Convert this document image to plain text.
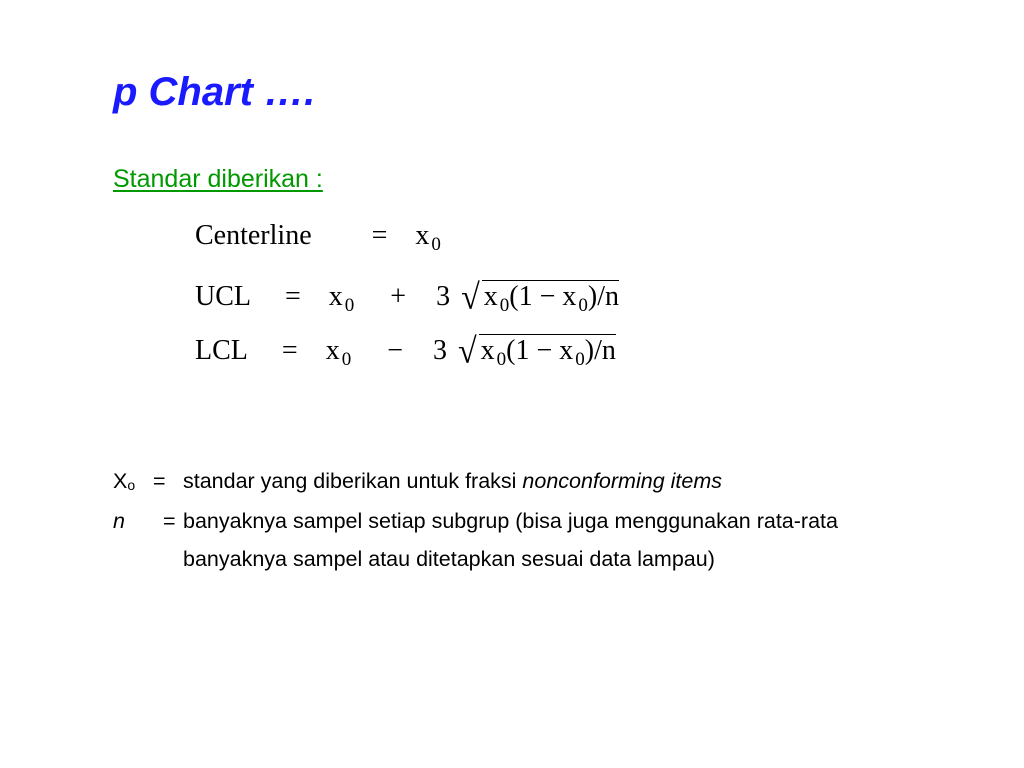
p Chart ….
Standar diberikan :
Centerline = x 0
UCL = x 0 + 3 √ x 0(1 − x 0)/n
LCL = x 0 − 3 √ x 0(1 − x 0)/n
Xo = standar yang diberikan untuk fraksi nonconforming items
n	= banyaknya sampel setiap subgrup (bisa juga menggunakan rata-rata banyaknya sampel atau ditetapkan sesuai data lampau)
